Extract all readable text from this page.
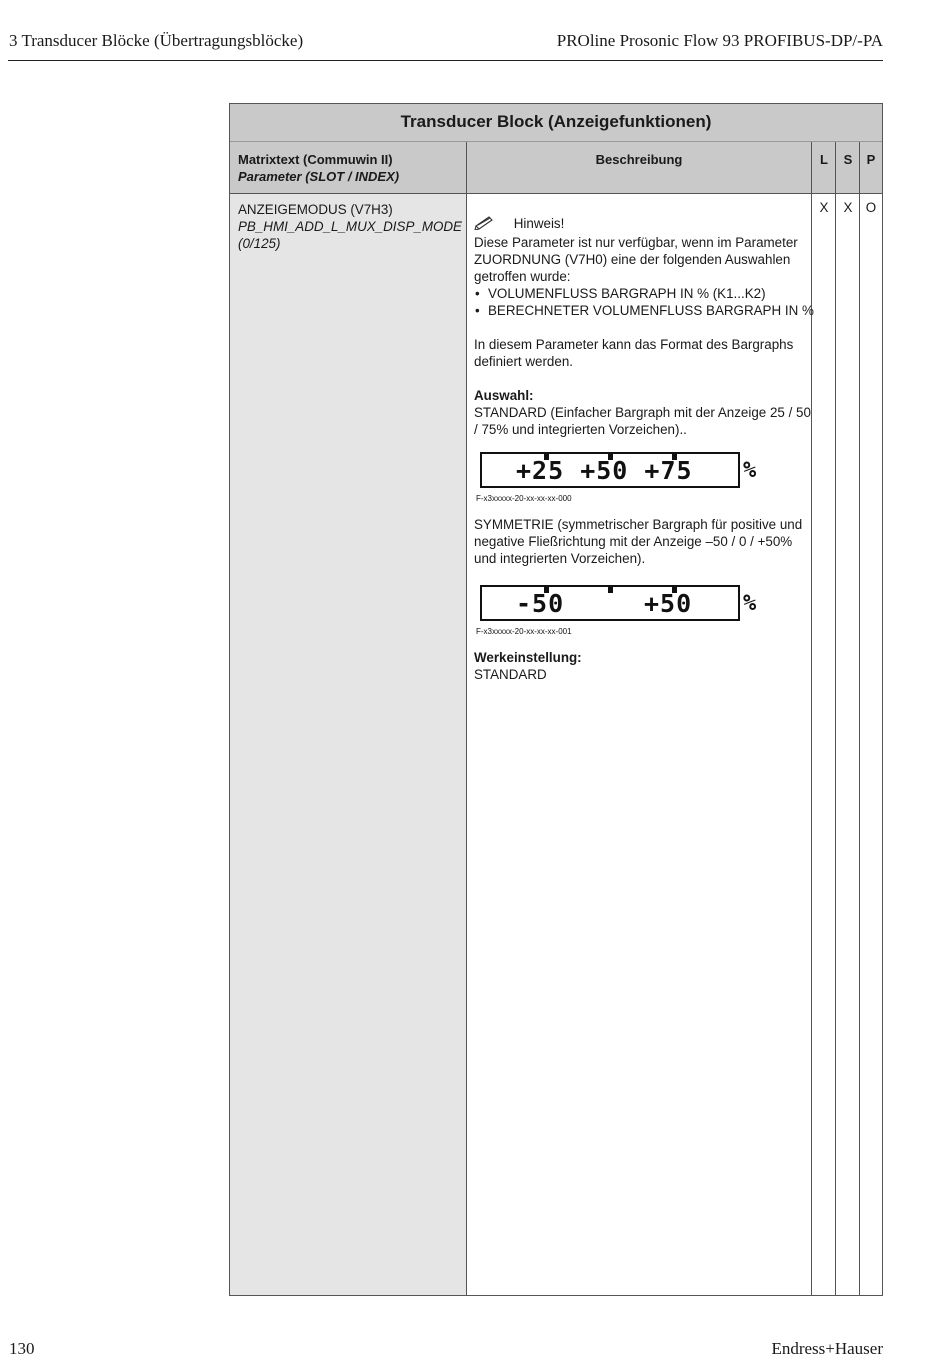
3 Transducer Blöcke (Übertragungsblöcke)	PROline Prosonic Flow 93 PROFIBUS-DP/-PA
Transducer Block (Anzeigefunktionen)
Matrixtext (Commuwin II)
Parameter (SLOT / INDEX)
Beschreibung	L	S	P
ANZEIGEMODUS (V7H3)
PB_HMI_ADD_L_MUX_DISP_MODE
(0/125)
X	X O

Hinweis!

Diese Parameter ist nur verfügbar, wenn im Parameter ZUORDNUNG (V7H0) eine der folgenden Auswahlen getroffen wurde:

• VOLUMENFLUSS BARGRAPH IN % (K1...K2)

• BERECHNETER VOLUMENFLUSS BARGRAPH IN %

In diesem Parameter kann das Format des Bargraphs definiert werden.

Auswahl:

STANDARD (Einfacher Bargraph mit der Anzeige 25 / 50 / 75% und integrierten Vorzeichen)..

+25 +50 +75 %
F-x3xxxxx-20-xx-xx-xx-000

SYMMETRIE (symmetrischer Bargraph für positive und negative Fließrichtung mit der Anzeige –50 / 0 / +50% und integrierten Vorzeichen).

-50	+50 %
F-x3xxxxx-20-xx-xx-xx-001

Werkeinstellung:

STANDARD

130	Endress+Hauser
